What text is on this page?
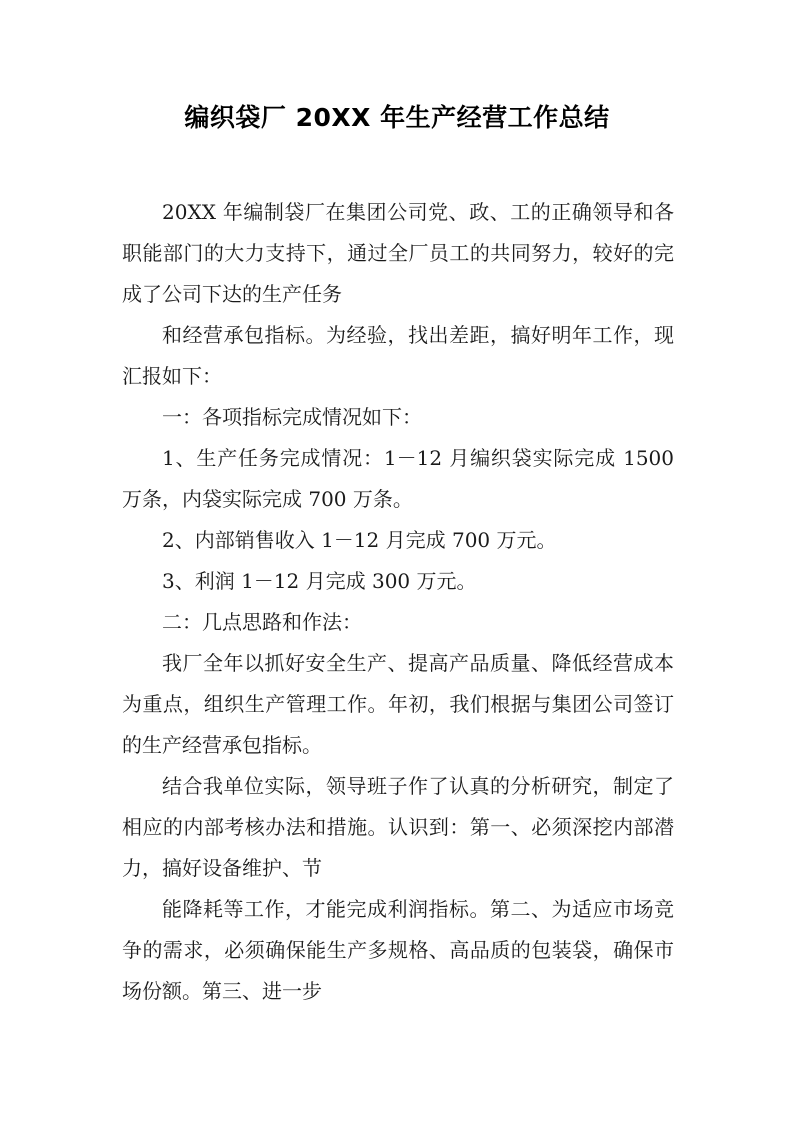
编织袋厂 20XX 年生产经营工作总结

20XX 年编制袋厂在集团公司党、政、工的正确领导和各职能部门的大力支持下，通过全厂员工的共同努力，较好的完成了公司下达的生产任务

和经营承包指标。为经验，找出差距，搞好明年工作，现汇报如下：

一：各项指标完成情况如下：

1、生产任务完成情况：1－12 月编织袋实际完成 1500 万条，内袋实际完成 700 万条。

2、内部销售收入 1－12 月完成 700 万元。

3、利润 1－12 月完成 300 万元。

二：几点思路和作法：

我厂全年以抓好安全生产、提高产品质量、降低经营成本为重点，组织生产管理工作。年初，我们根据与集团公司签订的生产经营承包指标。

结合我单位实际，领导班子作了认真的分析研究，制定了相应的内部考核办法和措施。认识到：第一、必须深挖内部潜力，搞好设备维护、节

能降耗等工作，才能完成利润指标。第二、为适应市场竞争的需求，必须确保能生产多规格、高品质的包装袋，确保市场份额。第三、进一步
